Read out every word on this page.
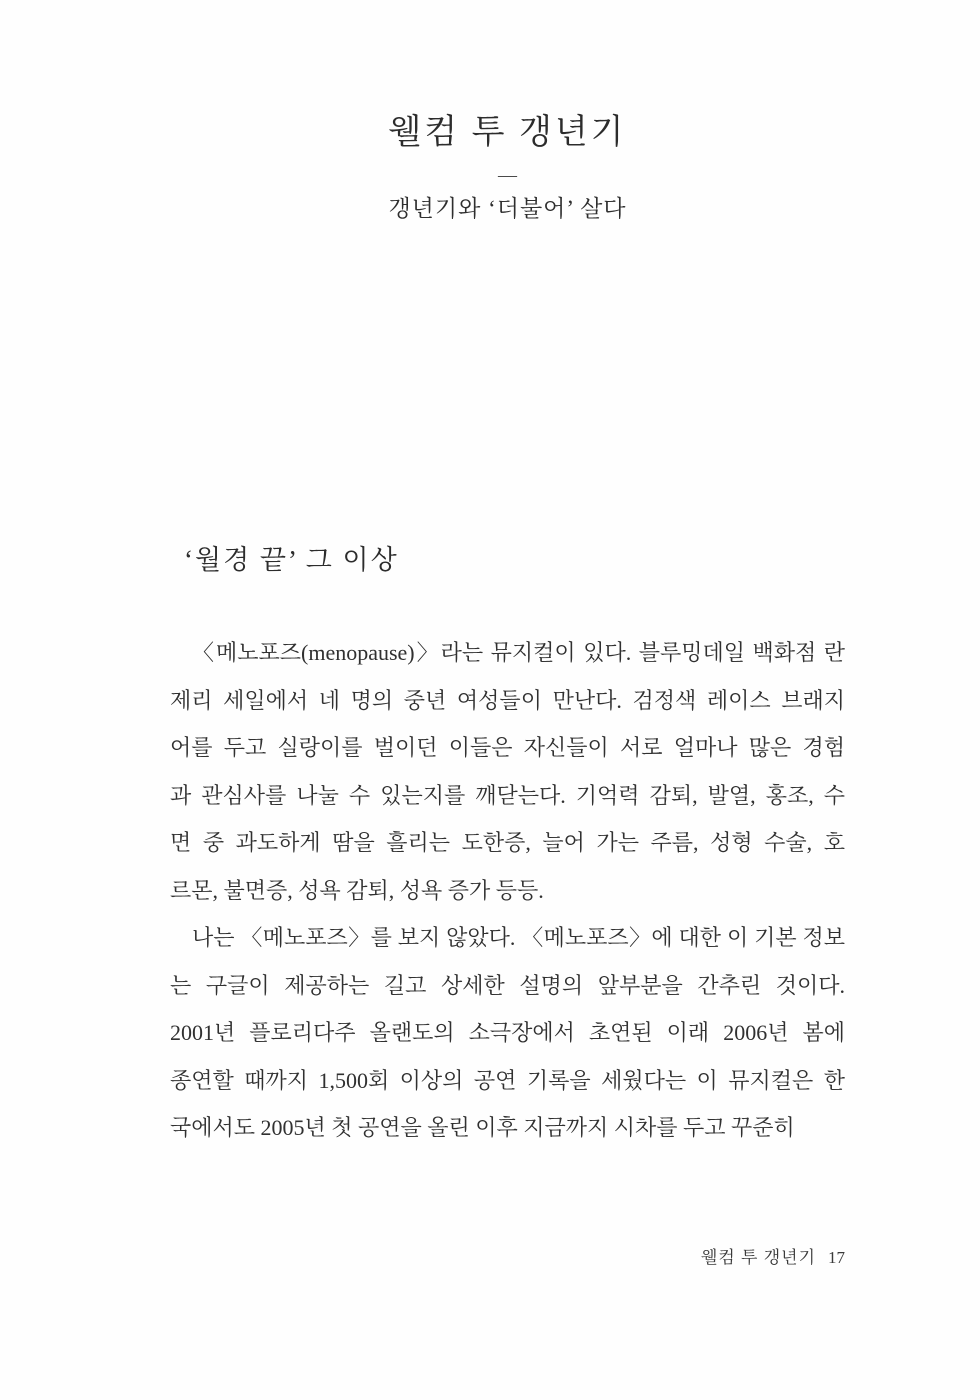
웰컴 투 갱년기
—
갱년기와 ‘더불어’ 살다
‘월경 끝’ 그 이상
〈메노포즈(menopause)〉라는 뮤지컬이 있다. 블루밍데일 백화점 란
제리 세일에서 네 명의 중년 여성들이 만난다. 검정색 레이스 브래지
어를 두고 실랑이를 벌이던 이들은 자신들이 서로 얼마나 많은 경험
과 관심사를 나눌 수 있는지를 깨닫는다. 기억력 감퇴, 발열, 홍조, 수
면 중 과도하게 땀을 흘리는 도한증, 늘어 가는 주름, 성형 수술, 호
르몬, 불면증, 성욕 감퇴, 성욕 증가 등등.
나는 〈메노포즈〉를 보지 않았다. 〈메노포즈〉에 대한 이 기본 정보
는 구글이 제공하는 길고 상세한 설명의 앞부분을 간추린 것이다.
2001년 플로리다주 올랜도의 소극장에서 초연된 이래 2006년 봄에
종연할 때까지 1,500회 이상의 공연 기록을 세웠다는 이 뮤지컬은 한
국에서도 2005년 첫 공연을 올린 이후 지금까지 시차를 두고 꾸준히
웰컴 투 갱년기 17
